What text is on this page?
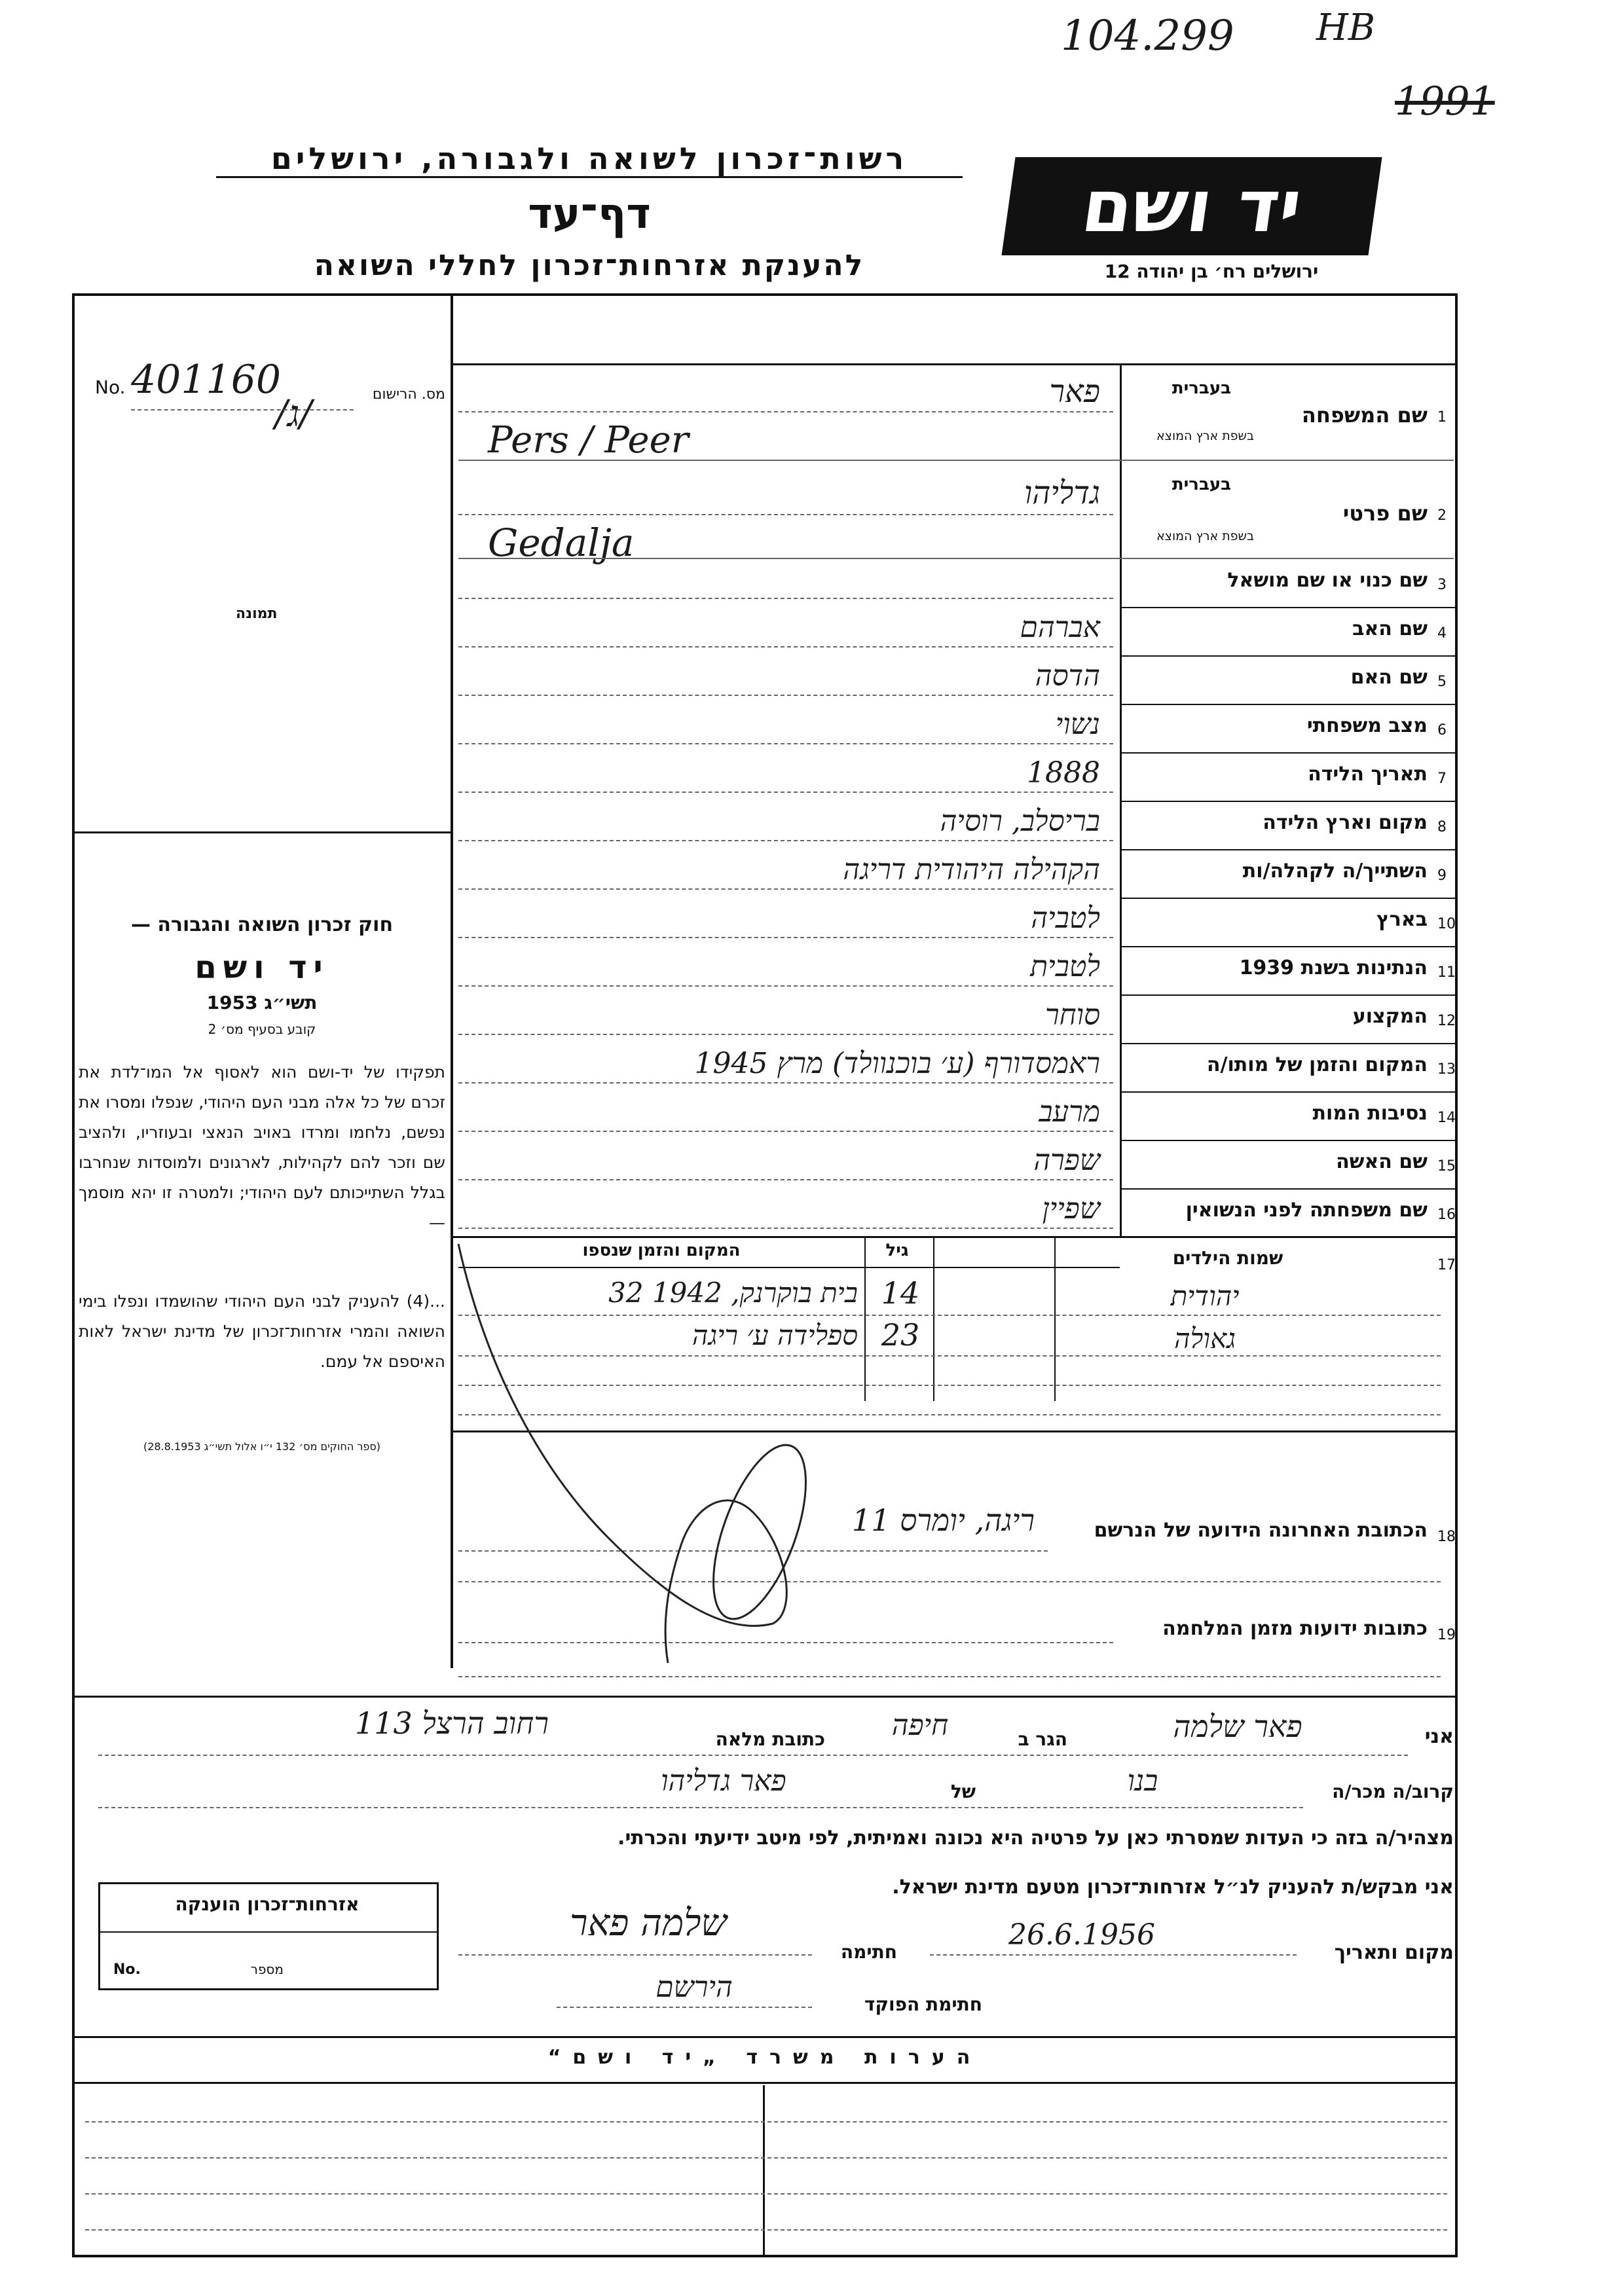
104.299 HB
1991
רשות־זכרון לשואה ולגבורה, ירושלים
דף־עד
להענקת אזרחות־זכרון לחללי השואה
יד ושם
ירושלים רח׳ בן יהודה 12
No. 401160
/ג/	מס. הרישום
תמונה
חוק זכרון השואה והגבורה —
יד ושם
תשי״ג 1953
קובע בסעיף מס׳ 2
תפקידו של יד-ושם הוא לאסוף אל המו־לדת את זכרם של כל אלה מבני העם היהודי, שנפלו ומסרו את נפשם, נלחמו ומרדו באויב הנאצי ובעוזריו, ולהציב שם וזכר להם לקהילות, לארגונים ולמוסדות שנחרבו בגלל השתייכותם לעם היהודי; ולמטרה זו יהא מוסמך —
...(4) להעניק לבני העם היהודי שהושמדו ונפלו בימי השואה והמרי אזרחות־זכרון של מדינת ישראל לאות האיספם אל עמם.
(ספר החוקים מס׳ 132 י״ו אלול תשי״ג 28.8.1953)
1
בעברית
שם המשפחה
בשפת ארץ המוצא
פאר
Pers / Peer
2
בעברית
שם פרטי
בשפת ארץ המוצא
גדליהו
Gedalja
3
שם כנוי או שם מושאל
4
שם האב
אברהם
5
שם האם
הדסה
6
מצב משפחתי
נשוי
7
תאריך הלידה
1888
8
מקום וארץ הלידה
בריסלב, רוסיה
9
השתייך/ה לקהלה/ות
הקהילה היהודית דריגה
10
בארץ
לטביה
11
הנתינות בשנת 1939
לטבית
12
המקצוע
סוחר
13
המקום והזמן של מותו/ה
ראמסדורף (ע׳ בוכנוולד) מרץ 1945
14
נסיבות המות
מרעב
15
שם האשה
שפרה
16
שם משפחתה לפני הנשואין
שפיין
17
שמות הילדים
גיל
המקום והזמן שנספו
יהודית
14
בית בוקרנק, 1942 32
גאולה
23
ספלידה ע׳ ריגה
18
הכתובת האחרונה הידועה של הנרשם
ריגה, יומרס 11
19
כתובות ידועות מזמן המלחמה
אני
פאר שלמה
הגר ב
חיפה
כתובת מלאה
רחוב הרצל 113
קרוב/ה מכר/ה
בנו
של
פאר גדליהו
מצהיר/ה בזה כי העדות שמסרתי כאן על פרטיה היא נכונה ואמיתית, לפי מיטב ידיעתי והכרתי.
אני מבקש/ת להעניק לנ״ל אזרחות־זכרון מטעם מדינת ישראל.
אזרחות־זכרון הוענקה
No.	מספר
מקום ותאריך
26.6.1956
חתימה
שלמה פאר
חתימת הפוקד
הירשם
הערות משרד „יד ושם“
